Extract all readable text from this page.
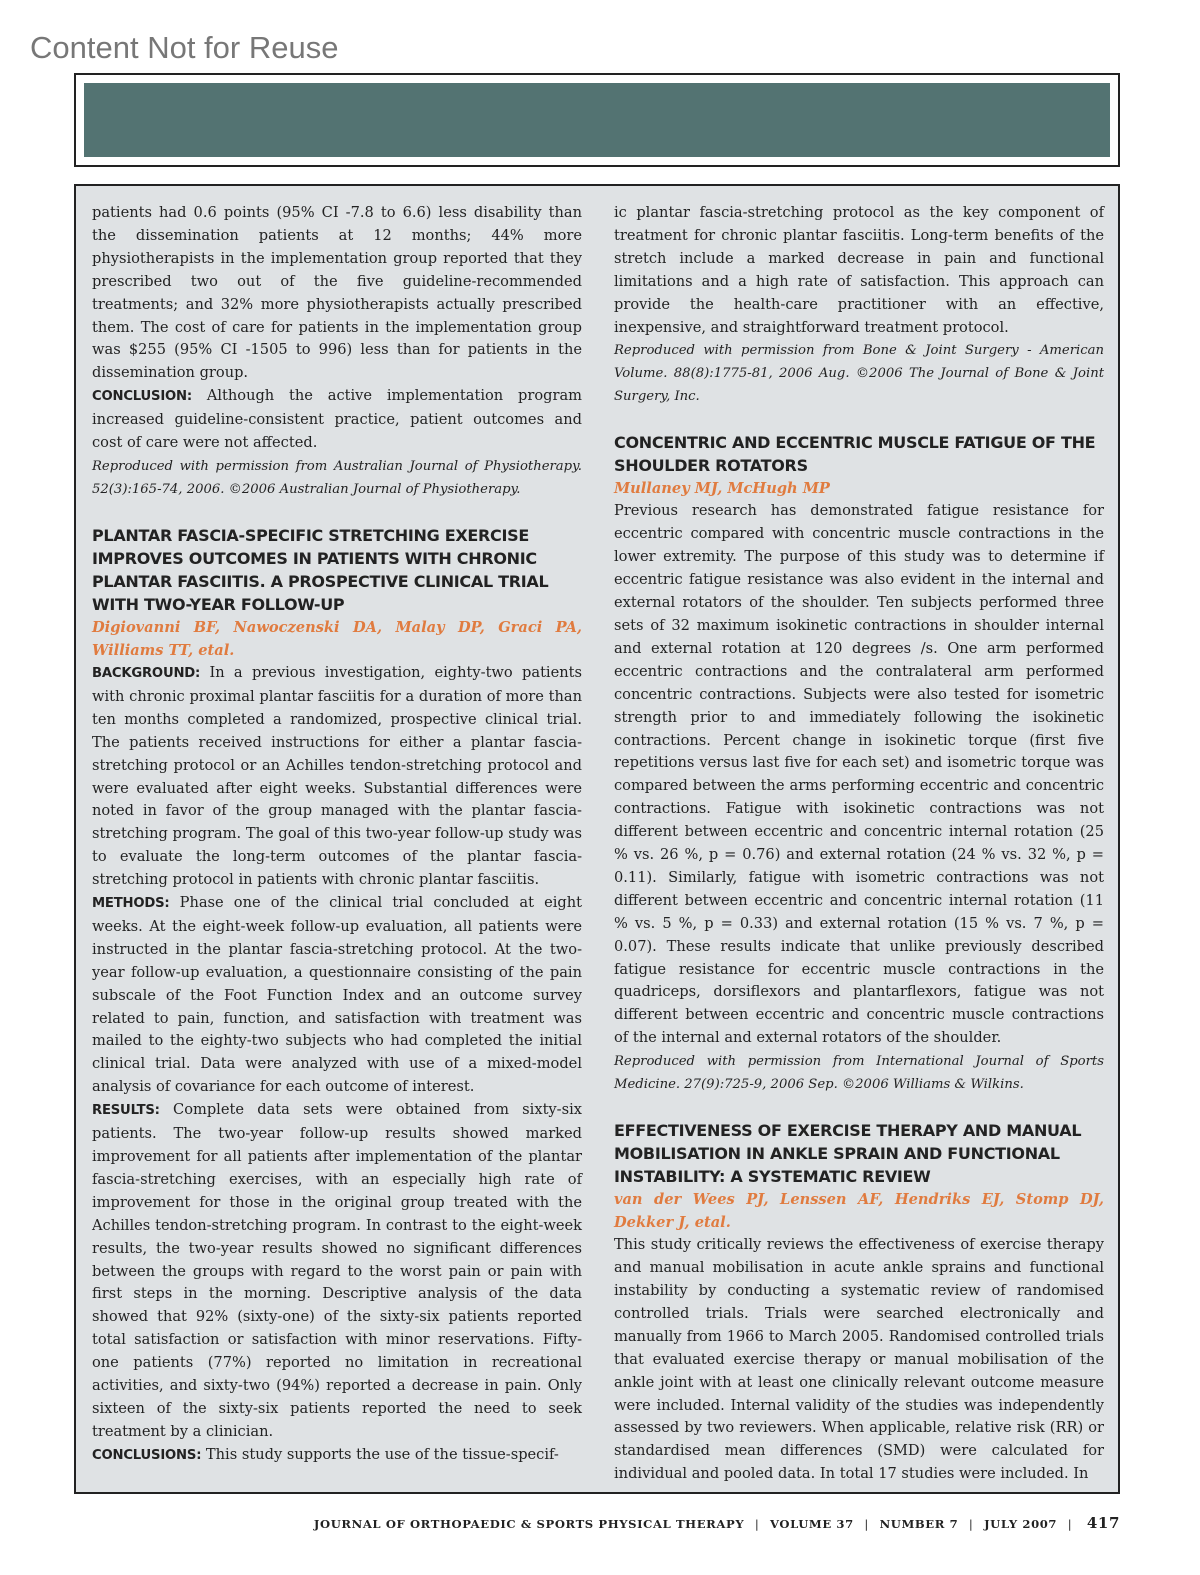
Content Not for Reuse

patients had 0.6 points (95% CI -7.8 to 6.6) less disability than the dissemination patients at 12 months; 44% more physiotherapists in the implementation group reported that they prescribed two out of the five guideline-recommended treatments; and 32% more physiotherapists actually prescribed them. The cost of care for patients in the implementation group was $255 (95% CI -1505 to 996) less than for patients in the dissemination group.

CONCLUSION: Although the active implementation program increased guideline-consistent practice, patient outcomes and cost of care were not affected.

Reproduced with permission from Australian Journal of Physiotherapy. 52(3):165-74, 2006. ©2006 Australian Journal of Physiotherapy.

PLANTAR FASCIA-SPECIFIC STRETCHING EXERCISE IMPROVES OUTCOMES IN PATIENTS WITH CHRONIC PLANTAR FASCIITIS. A PROSPECTIVE CLINICAL TRIAL WITH TWO-YEAR FOLLOW-UP

Digiovanni BF, Nawoczenski DA, Malay DP, Graci PA, Williams TT, etal.

BACKGROUND: In a previous investigation, eighty-two patients with chronic proximal plantar fasciitis for a duration of more than ten months completed a randomized, prospective clinical trial. The patients received instructions for either a plantar fascia-stretching protocol or an Achilles tendon-stretching protocol and were evaluated after eight weeks. Substantial differences were noted in favor of the group managed with the plantar fascia-stretching program. The goal of this two-year follow-up study was to evaluate the long-term outcomes of the plantar fascia-stretching protocol in patients with chronic plantar fasciitis.

METHODS: Phase one of the clinical trial concluded at eight weeks. At the eight-week follow-up evaluation, all patients were instructed in the plantar fascia-stretching protocol. At the two-year follow-up evaluation, a questionnaire consisting of the pain subscale of the Foot Function Index and an outcome survey related to pain, function, and satisfaction with treatment was mailed to the eighty-two subjects who had completed the initial clinical trial. Data were analyzed with use of a mixed-model analysis of covariance for each outcome of interest.

RESULTS: Complete data sets were obtained from sixty-six patients. The two-year follow-up results showed marked improvement for all patients after implementation of the plantar fascia-stretching exercises, with an especially high rate of improvement for those in the original group treated with the Achilles tendon-stretching program. In contrast to the eight-week results, the two-year results showed no significant differences between the groups with regard to the worst pain or pain with first steps in the morning. Descriptive analysis of the data showed that 92% (sixty-one) of the sixty-six patients reported total satisfaction or satisfaction with minor reservations. Fifty-one patients (77%) reported no limitation in recreational activities, and sixty-two (94%) reported a decrease in pain. Only sixteen of the sixty-six patients reported the need to seek treatment by a clinician.

CONCLUSIONS: This study supports the use of the tissue-specif-

ic plantar fascia-stretching protocol as the key component of treatment for chronic plantar fasciitis. Long-term benefits of the stretch include a marked decrease in pain and functional limitations and a high rate of satisfaction. This approach can provide the health-care practitioner with an effective, inexpensive, and straightforward treatment protocol.

Reproduced with permission from Bone & Joint Surgery - American Volume. 88(8):1775-81, 2006 Aug. ©2006 The Journal of Bone & Joint Surgery, Inc.

CONCENTRIC AND ECCENTRIC MUSCLE FATIGUE OF THE SHOULDER ROTATORS

Mullaney MJ, McHugh MP

Previous research has demonstrated fatigue resistance for eccentric compared with concentric muscle contractions in the lower extremity. The purpose of this study was to determine if eccentric fatigue resistance was also evident in the internal and external rotators of the shoulder. Ten subjects performed three sets of 32 maximum isokinetic contractions in shoulder internal and external rotation at 120 degrees /s. One arm performed eccentric contractions and the contralateral arm performed concentric contractions. Subjects were also tested for isometric strength prior to and immediately following the isokinetic contractions. Percent change in isokinetic torque (first five repetitions versus last five for each set) and isometric torque was compared between the arms performing eccentric and concentric contractions. Fatigue with isokinetic contractions was not different between eccentric and concentric internal rotation (25 % vs. 26 %, p = 0.76) and external rotation (24 % vs. 32 %, p = 0.11). Similarly, fatigue with isometric contractions was not different between eccentric and concentric internal rotation (11 % vs. 5 %, p = 0.33) and external rotation (15 % vs. 7 %, p = 0.07). These results indicate that unlike previously described fatigue resistance for eccentric muscle contractions in the quadriceps, dorsiflexors and plantarflexors, fatigue was not different between eccentric and concentric muscle contractions of the internal and external rotators of the shoulder.

Reproduced with permission from International Journal of Sports Medicine. 27(9):725-9, 2006 Sep. ©2006 Williams & Wilkins.

EFFECTIVENESS OF EXERCISE THERAPY AND MANUAL MOBILISATION IN ANKLE SPRAIN AND FUNCTIONAL INSTABILITY: A SYSTEMATIC REVIEW

van der Wees PJ, Lenssen AF, Hendriks EJ, Stomp DJ, Dekker J, etal.

This study critically reviews the effectiveness of exercise therapy and manual mobilisation in acute ankle sprains and functional instability by conducting a systematic review of randomised controlled trials. Trials were searched electronically and manually from 1966 to March 2005. Randomised controlled trials that evaluated exercise therapy or manual mobilisation of the ankle joint with at least one clinically relevant outcome measure were included. Internal validity of the studies was independently assessed by two reviewers. When applicable, relative risk (RR) or standardised mean differences (SMD) were calculated for individual and pooled data. In total 17 studies were included. In

JOURNAL OF ORTHOPAEDIC & SPORTS PHYSICAL THERAPY | VOLUME 37 | NUMBER 7 | JULY 2007 | 417
